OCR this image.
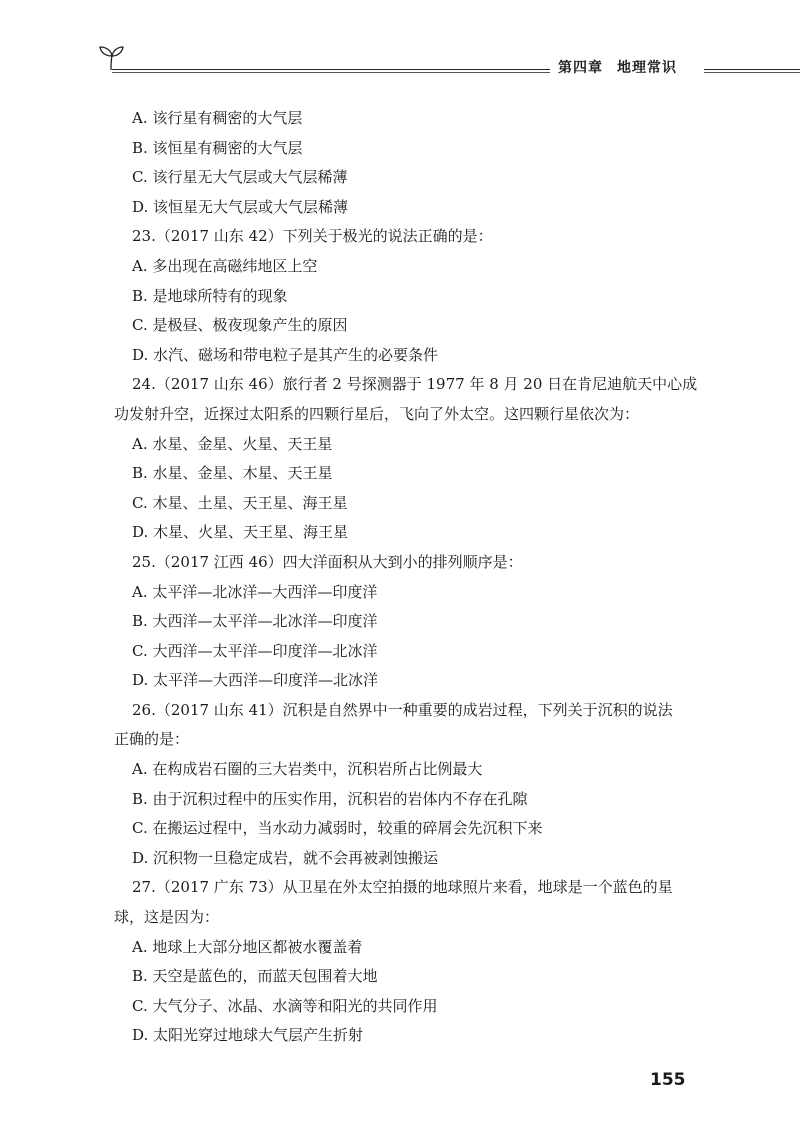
第四章 地理常识
A. 该行星有稠密的大气层
B. 该恒星有稠密的大气层
C. 该行星无大气层或大气层稀薄
D. 该恒星无大气层或大气层稀薄
23.（2017 山东 42）下列关于极光的说法正确的是：
A. 多出现在高磁纬地区上空
B. 是地球所特有的现象
C. 是极昼、极夜现象产生的原因
D. 水汽、磁场和带电粒子是其产生的必要条件
24.（2017 山东 46）旅行者 2 号探测器于 1977 年 8 月 20 日在肯尼迪航天中心成
功发射升空，近探过太阳系的四颗行星后，飞向了外太空。这四颗行星依次为：
A. 水星、金星、火星、天王星
B. 水星、金星、木星、天王星
C. 木星、土星、天王星、海王星
D. 木星、火星、天王星、海王星
25.（2017 江西 46）四大洋面积从大到小的排列顺序是：
A. 太平洋—北冰洋—大西洋—印度洋
B. 大西洋—太平洋—北冰洋—印度洋
C. 大西洋—太平洋—印度洋—北冰洋
D. 太平洋—大西洋—印度洋—北冰洋
26.（2017 山东 41）沉积是自然界中一种重要的成岩过程，下列关于沉积的说法
正确的是：
A. 在构成岩石圈的三大岩类中，沉积岩所占比例最大
B. 由于沉积过程中的压实作用，沉积岩的岩体内不存在孔隙
C. 在搬运过程中，当水动力减弱时，较重的碎屑会先沉积下来
D. 沉积物一旦稳定成岩，就不会再被剥蚀搬运
27.（2017 广东 73）从卫星在外太空拍摄的地球照片来看，地球是一个蓝色的星
球，这是因为：
A. 地球上大部分地区都被水覆盖着
B. 天空是蓝色的，而蓝天包围着大地
C. 大气分子、冰晶、水滴等和阳光的共同作用
D. 太阳光穿过地球大气层产生折射
155
